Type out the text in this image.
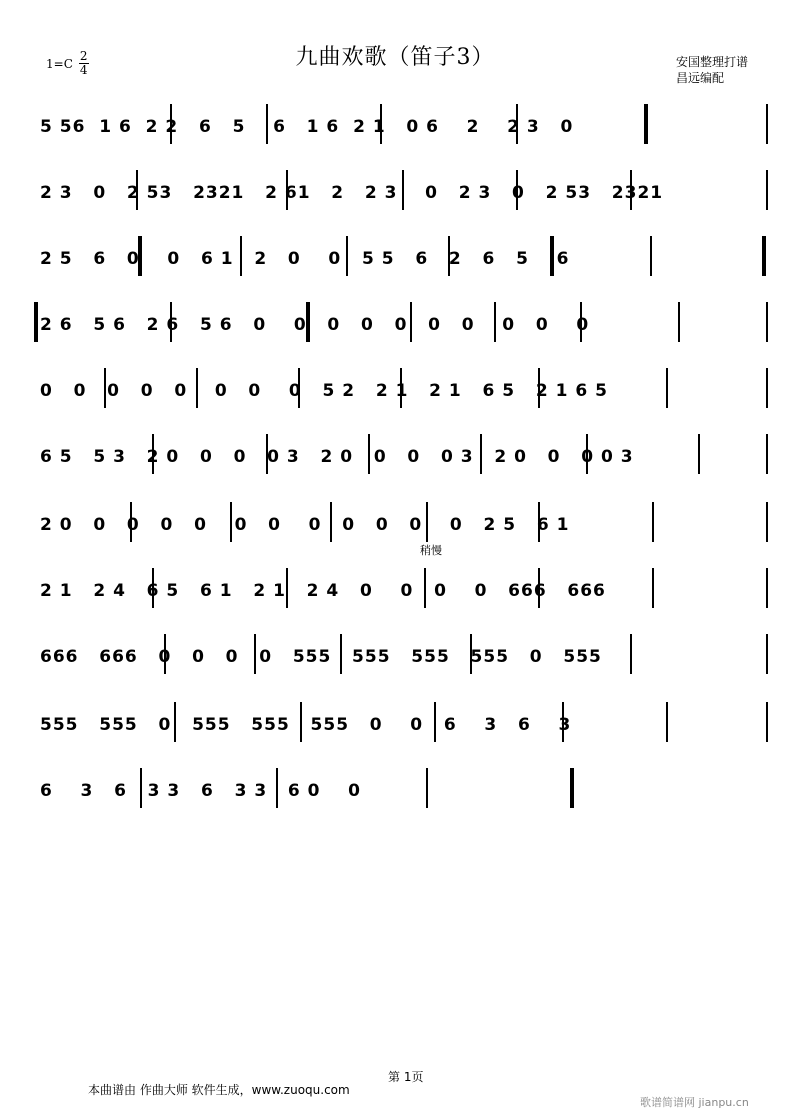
九曲欢歌（笛子3）
$1=C \frac{2}{4}$	安国整理打谱
昌远编配
5 56  1 6  2 2   6   5    6   1 6  2 1   0 6    2    2 3   0
2 3   0   2 53   2321   2 61   2   2 3    0   2 3   0   2 53   2321
2 5   6   0    0   6 1   2   0    0   5 5   6   2   6   5    6
2 6   5 6   2 6   5 6   0    0   0   0   0   0   0    0   0    0
0   0   0   0   0    0   0    0   5 2   2 1   2 1   6 5   2 1 6 5
6 5   5 3   2 0   0   0   0 3   2 0   0   0   0 3   2 0   0   0 0 3
2 0   0   0   0   0    0   0    0   0   0   0    0   2 5   6 1
稍慢
2 1   2 4   6 5   6 1   2 1   2 4   0    0   0    0   666   666
666   666   0   0   0   0   555   555   555   555   0   555
555   555   0   555   555   555   0    0   6    3   6    3
6    3   6   3 3   6   3 3   6 0    0
第 1页
本曲谱由 作曲大师 软件生成，www.zuoqu.com
歌谱简谱网 jianpu.cn
